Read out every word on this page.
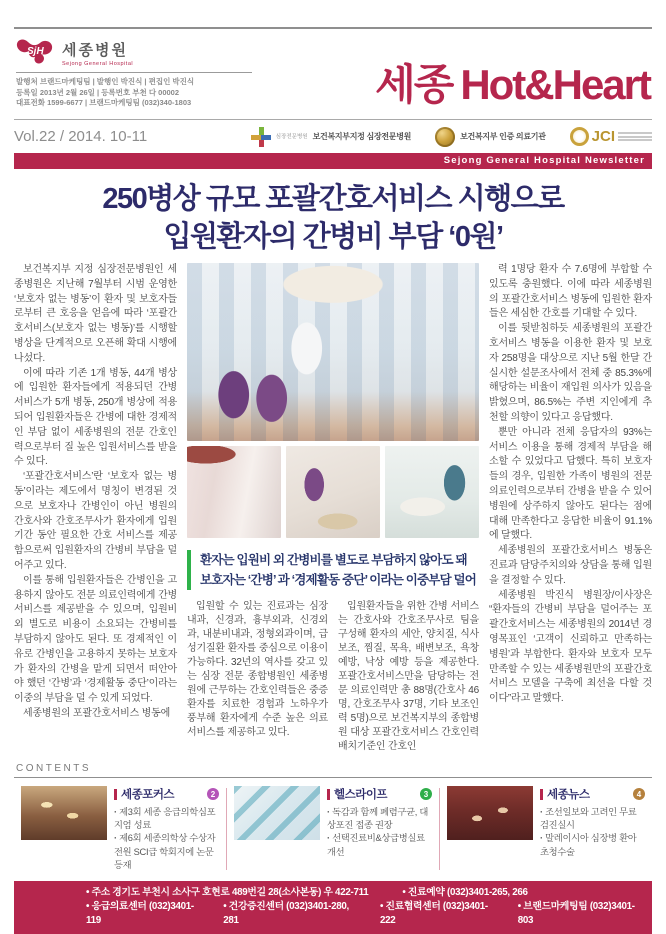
SjH 세종병원
Sejong General Hospital
발행처 브랜드마케팅팀 | 발행인 박진식 | 편집인 박진식
등록일 2013년 2월 26일 | 등록번호 부천 다 00002
대표전화 1599-6677 | 브랜드마케팅팀 (032)340-1803	세종 Hot&Heart
Vol.22 / 2014. 10-11	심장전문병원 보건복지부지정 심장전문병원	보건복지부 인증 의료기관	JCI
Sejong General Hospital Newsletter
250병상 규모 포괄간호서비스 시행으로
입원환자의 간병비 부담 ‘0원’

보건복지부 지정 심장전문병원인 세종병원은 지난해 7월부터 시범 운영한 ‘보호자 없는 병동’이 환자 및 보호자들로부터 큰 호응을 얻음에 따라 ‘포괄간호서비스(보호자 없는 병동)’를 시행할 병상을 단계적으로 오픈해 확대 시행에 나섰다.

이에 따라 기존 1개 병동, 44개 병상에 입원한 환자들에게 적용되던 간병 서비스가 5개 병동, 250개 병상에 적용되어 입원환자들은 간병에 대한 경제적인 부담 없이 세종병원의 전문 간호인력으로부터 질 높은 입원서비스를 받을 수 있다.

‘포괄간호서비스’란 ‘보호자 없는 병동’이라는 제도에서 명칭이 변경된 것으로 보호자나 간병인이 아닌 병원의 간호사와 간호조무사가 환자에게 입원기간 동안 필요한 간호 서비스를 제공함으로써 입원환자의 간병비 부담을 덜어주고 있다.

이를 통해 입원환자들은 간병인을 고용하지 않아도 전문 의료인력에게 간병 서비스를 제공받을 수 있으며, 입원비 외 별도로 비용이 소요되는 간병비를 부담하지 않아도 된다. 또 경제적인 이유로 간병인을 고용하지 못하는 보호자가 환자의 간병을 맡게 되면서 떠안아야 했던 ‘간병’과 ‘경제활동 중단’이라는 이중의 부담을 덜 수 있게 되었다.

세종병원의 포괄간호서비스 병동에

환자는 입원비 외 간병비를 별도로 부담하지 않아도 돼
보호자는 ‘간병’ 과 ‘경제활동 중단’ 이라는 이중부담 덜어

입원할 수 있는 진료과는 심장내과, 신경과, 흉부외과, 신경외과, 내분비내과, 정형외과이며, 급성기질환 환자를 중심으로 이용이 가능하다. 32년의 역사를 갖고 있는 심장 전문 종합병원인 세종병원에 근무하는 간호인력들은 중증환자를 치료한 경험과 노하우가 풍부해 환자에게 수준 높은 의료서비스를 제공하고 있다.

입원환자들을 위한 간병 서비스는 간호사와 간호조무사로 팀을 구성해 환자의 세안, 양치질, 식사보조, 찜질, 목욕, 배변보조, 욕창 예방, 낙상 예방 등을 제공한다. 포괄간호서비스만을 담당하는 전문 의료인력만 총 88명(간호사 46명, 간호조무사 37명, 기타 보조인력 5명)으로 보건복지부의 종합병원 대상 포괄간호서비스 간호인력 배치기준인 간호인

력 1명당 환자 수 7.6명에 부합할 수 있도록 충원했다. 이에 따라 세종병원의 포괄간호서비스 병동에 입원한 환자들은 세심한 간호를 기대할 수 있다.

이를 뒷받침하듯 세종병원의 포괄간호서비스 병동을 이용한 환자 및 보호자 258명을 대상으로 지난 5월 한달 간 실시한 설문조사에서 전체 중 85.3%에 해당하는 비율이 재입원 의사가 있음을 밝혔으며, 86.5%는 주변 지인에게 추천할 의향이 있다고 응답했다.

뿐만 아니라 전체 응답자의 93%는 서비스 이용을 통해 경제적 부담을 해소할 수 있었다고 답했다. 특히 보호자들의 경우, 입원한 가족이 병원의 전문 의료인력으로부터 간병을 받을 수 있어 병원에 상주하지 않아도 된다는 점에 대해 만족한다고 응답한 비율이 91.1%에 달했다.

세종병원의 포괄간호서비스 병동은 진료과 담당주치의와 상담을 통해 입원을 결정할 수 있다.

세종병원 박진식 병원장/이사장은 “환자들의 간병비 부담을 덜어주는 포괄간호서비스는 세종병원의 2014년 경영목표인 ‘고객이 신뢰하고 만족하는 병원’과 부합한다. 환자와 보호자 모두 만족할 수 있는 세종병원만의 포괄간호서비스 모델을 구축에 최선을 다할 것이다”라고 말했다.

CONTENTS
세종포커스	2
· 제3회 세종 응급의학심포지엄 성료
· 제6회 세종의학상 수상자 전원 SCI급 학회지에 논문 등재
헬스라이프	3
· 독감과 함께 폐렴구균, 대상포진 접종 권장
· 선택진료비&상급병실료 개선
세종뉴스	4
· 조선일보와 고려인 무료 검진실시
· 말레이시아 심장병 환아 초청수술
• 주소 경기도 부천시 소사구 호현로 489번길 28(소사본동) 우 422-711	• 진료예약 (032)3401-265, 266
• 응급의료센터 (032)3401-119
• 건강증진센터 (032)3401-280, 281
• 진료협력센터 (032)3401-222
• 브랜드마케팅팀 (032)3401-803
